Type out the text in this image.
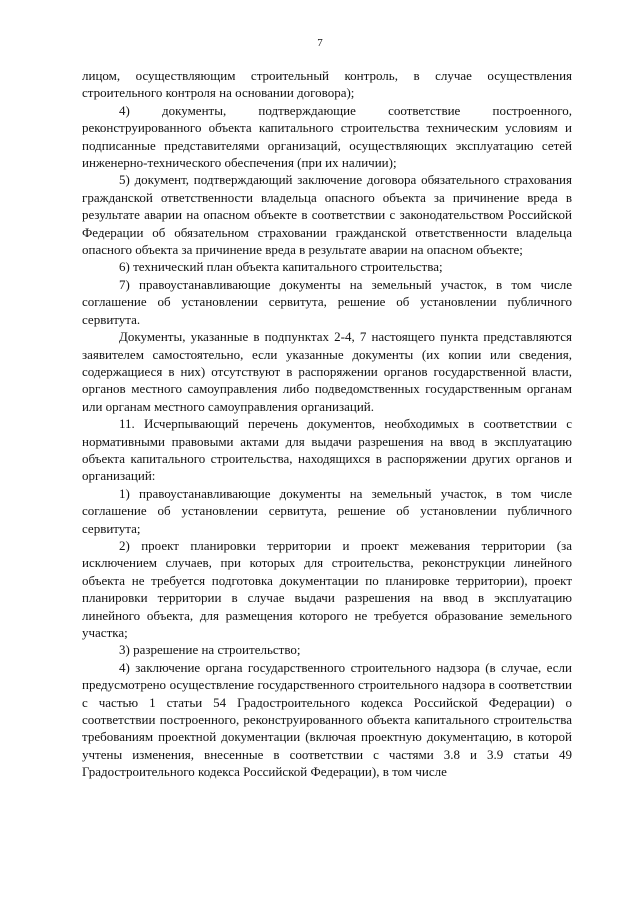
7

лицом, осуществляющим строительный контроль, в случае осуществления строительного контроля на основании договора);

4) документы, подтверждающие соответствие построенного, реконструированного объекта капитального строительства техническим условиям и подписанные представителями организаций, осуществляющих эксплуатацию сетей инженерно-технического обеспечения (при их наличии);

5) документ, подтверждающий заключение договора обязательного страхования гражданской ответственности владельца опасного объекта за причинение вреда в результате аварии на опасном объекте в соответствии с законодательством Российской Федерации об обязательном страховании гражданской ответственности владельца опасного объекта за причинение вреда в результате аварии на опасном объекте;

6) технический план объекта капитального строительства;

7) правоустанавливающие документы на земельный участок, в том числе соглашение об установлении сервитута, решение об установлении публичного сервитута.

Документы, указанные в подпунктах 2-4, 7 настоящего пункта представляются заявителем самостоятельно, если указанные документы (их копии или сведения, содержащиеся в них) отсутствуют в распоряжении органов государственной власти, органов местного самоуправления либо подведомственных государственным органам или органам местного самоуправления организаций.

11. Исчерпывающий перечень документов, необходимых в соответствии с нормативными правовыми актами для выдачи разрешения на ввод в эксплуатацию объекта капитального строительства, находящихся в распоряжении других органов и организаций:

1) правоустанавливающие документы на земельный участок, в том числе соглашение об установлении сервитута, решение об установлении публичного сервитута;

2) проект планировки территории и проект межевания территории (за исключением случаев, при которых для строительства, реконструкции линейного объекта не требуется подготовка документации по планировке территории), проект планировки территории в случае выдачи разрешения на ввод в эксплуатацию линейного объекта, для размещения которого не требуется образование земельного участка;

3) разрешение на строительство;

4) заключение органа государственного строительного надзора (в случае, если предусмотрено осуществление государственного строительного надзора в соответствии с частью 1 статьи 54 Градостроительного кодекса Российской Федерации) о соответствии построенного, реконструированного объекта капитального строительства требованиям проектной документации (включая проектную документацию, в которой учтены изменения, внесенные в соответствии с частями 3.8 и 3.9 статьи 49 Градостроительного кодекса Российской Федерации), в том числе
